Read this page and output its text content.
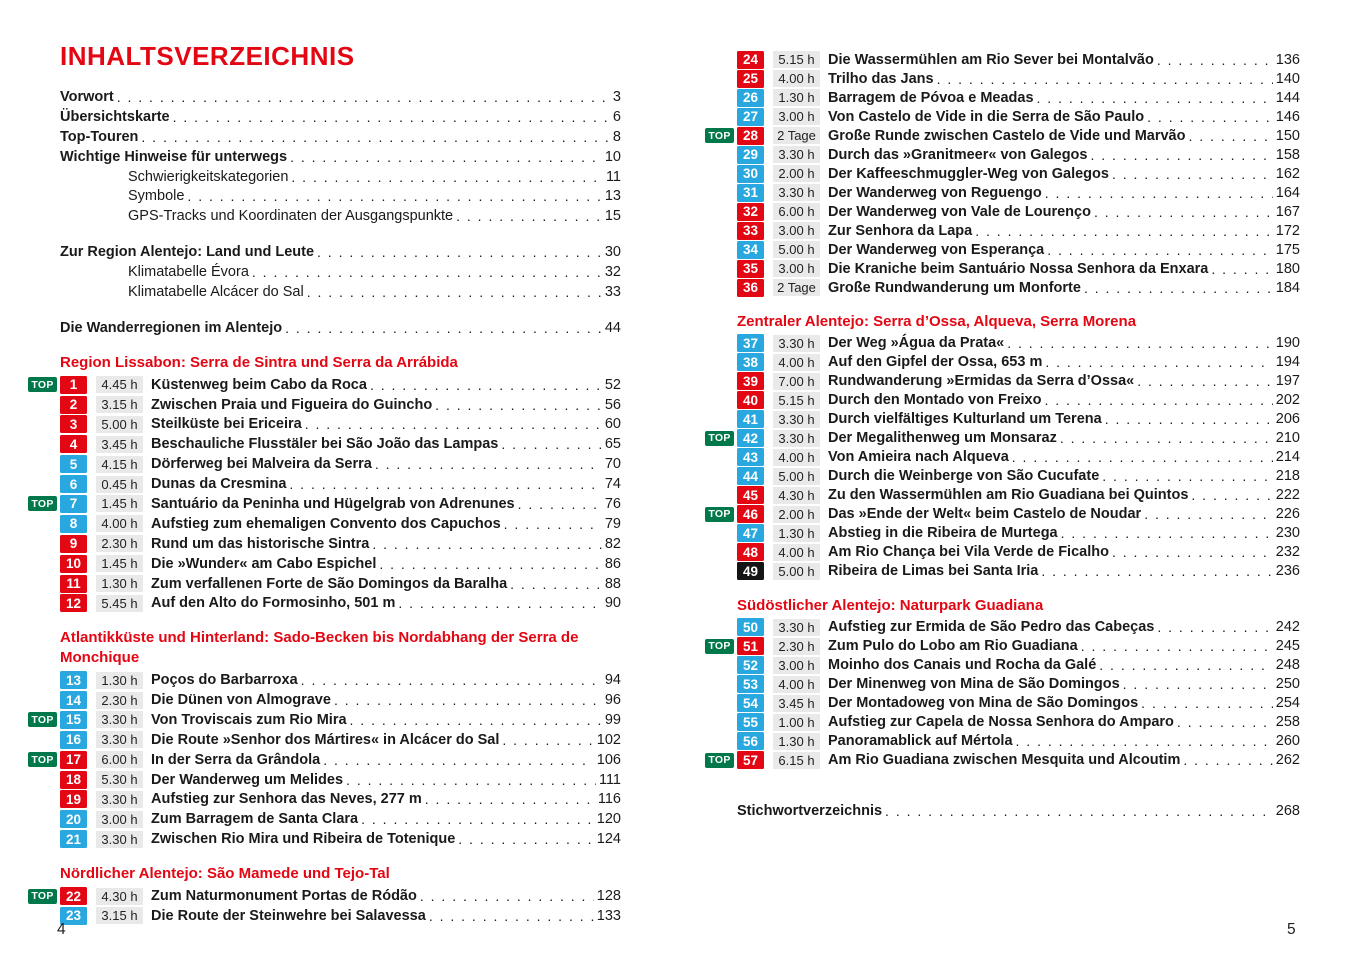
INHALTSVERZEICHNIS
Vorwort . . .	3
Übersichtskarte . . .	6
Top-Touren . . .	8
Wichtige Hinweise für unterwegs . . .	10
Schwierigkeitskategorien . . .	11
Symbole . . .	13
GPS-Tracks und Koordinaten der Ausgangspunkte . . .	15
Zur Region Alentejo: Land und Leute . . .	30
Klimatabelle Évora . . .	32
Klimatabelle Alcácer do Sal . . .	33
Die Wanderregionen im Alentejo . . .	44
Region Lissabon: Serra de Sintra und Serra da Arrábida
TOP	1	4.45 h Küstenweg beim Cabo da Roca . . .	52
2	3.15 h Zwischen Praia und Figueira do Guincho . . .	56
3	5.00 h Steilküste bei Ericeira . . .	60
4	3.45 h Beschauliche Flusstäler bei São João das Lampas . . .	65
5	4.15 h Dörferweg bei Malveira da Serra . . .	70
6	0.45 h Dunas da Cresmina . . .	74
TOP	7	1.45 h Santuário da Peninha und Hügelgrab von Adrenunes . . .	76
8	4.00 h Aufstieg zum ehemaligen Convento dos Capuchos . . .	79
9	2.30 h Rund um das historische Sintra . . .	82
10	1.45 h Die »Wunder« am Cabo Espichel . . .	86
11	1.30 h Zum verfallenen Forte de São Domingos da Baralha . . .	88
12	5.45 h Auf den Alto do Formosinho, 501 m . . .	90
Atlantikküste und Hinterland: Sado-Becken bis Nordabhang der Serra de Monchique
13	1.30 h Poços do Barbarroxa . . .	94
14	2.30 h Die Dünen von Almograve . . .	96
TOP 15	3.30 h Von Troviscais zum Rio Mira . . .	99
16	3.30 h Die Route »Senhor dos Mártires« in Alcácer do Sal . . .	102
TOP 17	6.00 h In der Serra da Grândola . . .	106
18	5.30 h Der Wanderweg um Melides . . .	111
19	3.30 h Aufstieg zur Senhora das Neves, 277 m . . .	116
20	3.00 h Zum Barragem de Santa Clara . . .	120
21	3.30 h Zwischen Rio Mira und Ribeira de Totenique . . .	124
Nördlicher Alentejo: São Mamede und Tejo-Tal
TOP 22	4.30 h Zum Naturmonument Portas de Ródão . . .	128
23	3.15 h Die Route der Steinwehre bei Salavessa . . .	133
24	5.15 h Die Wassermühlen am Rio Sever bei Montalvão . . .	136
25	4.00 h Trilho das Jans . . .	140
26	1.30 h Barragem de Póvoa e Meadas . . .	144
27	3.00 h Von Castelo de Vide in die Serra de São Paulo . . .	146
TOP 28	2 Tage Große Runde zwischen Castelo de Vide und Marvão . . .	150
29	3.30 h Durch das »Granitmeer« von Galegos . . .	158
30	2.00 h Der Kaffeeschmuggler-Weg von Galegos . . .	162
31	3.30 h Der Wanderweg von Reguengo . . .	164
32	6.00 h Der Wanderweg von Vale de Lourenço . . .	167
33	3.00 h Zur Senhora da Lapa . . .	172
34	5.00 h Der Wanderweg von Esperança . . .	175
35	3.00 h Die Kraniche beim Santuário Nossa Senhora da Enxara . . .	180
36	2 Tage Große Rundwanderung um Monforte . . .	184
Zentraler Alentejo: Serra d’Ossa, Alqueva, Serra Morena
37	3.30 h Der Weg »Água da Prata« . . .	190
38	4.00 h Auf den Gipfel der Ossa, 653 m . . .	194
39	7.00 h Rundwanderung »Ermidas da Serra d’Ossa« . . .	197
40	5.15 h Durch den Montado von Freixo . . .	202
41	3.30 h Durch vielfältiges Kulturland um Terena . . .	206
TOP 42	3.30 h Der Megalithenweg um Monsaraz . . .	210
43	4.00 h Von Amieira nach Alqueva . . .	214
44	5.00 h Durch die Weinberge von São Cucufate . . .	218
45	4.30 h Zu den Wassermühlen am Rio Guadiana bei Quintos . . .	222
TOP 46	2.00 h Das »Ende der Welt« beim Castelo de Noudar . . .	226
47	1.30 h Abstieg in die Ribeira de Murtega . . .	230
48	4.00 h Am Rio Chança bei Vila Verde de Ficalho . . .	232
49	5.00 h Ribeira de Limas bei Santa Iria . . .	236
Südöstlicher Alentejo: Naturpark Guadiana
50	3.30 h Aufstieg zur Ermida de São Pedro das Cabeças . . .	242
TOP 51	2.30 h Zum Pulo do Lobo am Rio Guadiana . . .	245
52	3.00 h Moinho dos Canais und Rocha da Galé . . .	248
53	4.00 h Der Minenweg von Mina de São Domingos . . .	250
54	3.45 h Der Montadoweg von Mina de São Domingos . . .	254
55	1.00 h Aufstieg zur Capela de Nossa Senhora do Amparo . . .	258
56	1.30 h Panoramablick auf Mértola . . .	260
TOP 57	6.15 h Am Rio Guadiana zwischen Mesquita und Alcoutim . . .	262
Stichwortverzeichnis . . .	268
4	5
